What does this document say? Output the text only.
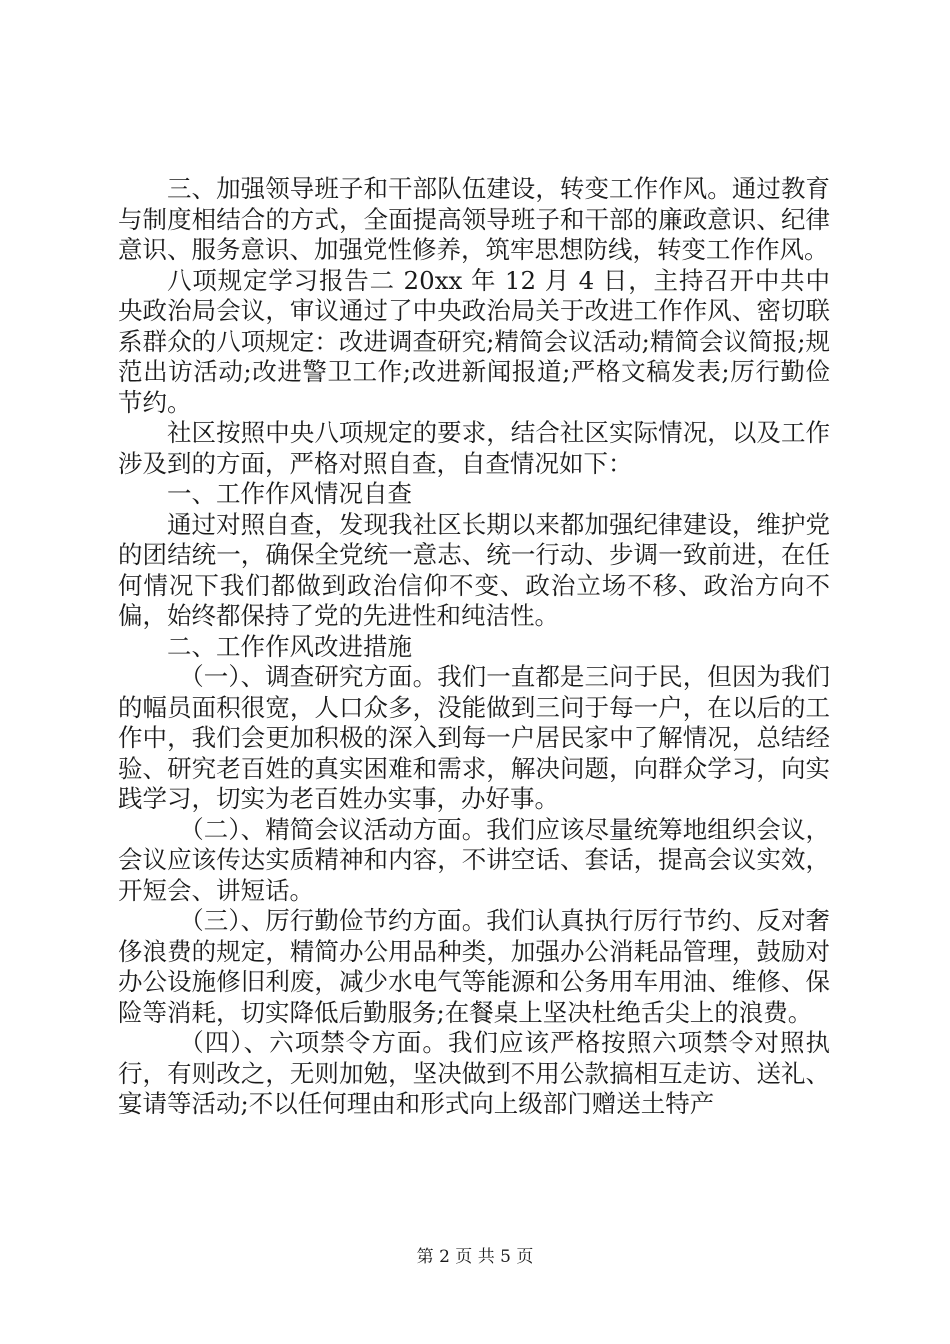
三、加强领导班子和干部队伍建设，转变工作作风。通过教育与制度相结合的方式，全面提高领导班子和干部的廉政意识、纪律意识、服务意识、加强党性修养，筑牢思想防线，转变工作作风。

八项规定学习报告二 20xx 年 12 月 4 日，主持召开中共中央政治局会议，审议通过了中央政治局关于改进工作作风、密切联系群众的八项规定：改进调查研究;精简会议活动;精简会议简报;规范出访活动;改进警卫工作;改进新闻报道;严格文稿发表;厉行勤俭节约。

社区按照中央八项规定的要求，结合社区实际情况，以及工作涉及到的方面，严格对照自查，自查情况如下：

一、工作作风情况自查

通过对照自查，发现我社区长期以来都加强纪律建设，维护党的团结统一，确保全党统一意志、统一行动、步调一致前进，在任何情况下我们都做到政治信仰不变、政治立场不移、政治方向不偏，始终都保持了党的先进性和纯洁性。

二、工作作风改进措施

（一）、调查研究方面。我们一直都是三问于民，但因为我们的幅员面积很宽，人口众多，没能做到三问于每一户，在以后的工作中，我们会更加积极的深入到每一户居民家中了解情况，总结经验、研究老百姓的真实困难和需求，解决问题，向群众学习，向实践学习，切实为老百姓办实事，办好事。

（二）、精简会议活动方面。我们应该尽量统筹地组织会议，会议应该传达实质精神和内容，不讲空话、套话，提高会议实效，开短会、讲短话。

（三）、厉行勤俭节约方面。我们认真执行厉行节约、反对奢侈浪费的规定，精简办公用品种类，加强办公消耗品管理，鼓励对办公设施修旧利废，减少水电气等能源和公务用车用油、维修、保险等消耗，切实降低后勤服务;在餐桌上坚决杜绝舌尖上的浪费。

（四）、六项禁令方面。我们应该严格按照六项禁令对照执行，有则改之，无则加勉，坚决做到不用公款搞相互走访、送礼、宴请等活动;不以任何理由和形式向上级部门赠送土特产

第 2 页 共 5 页
